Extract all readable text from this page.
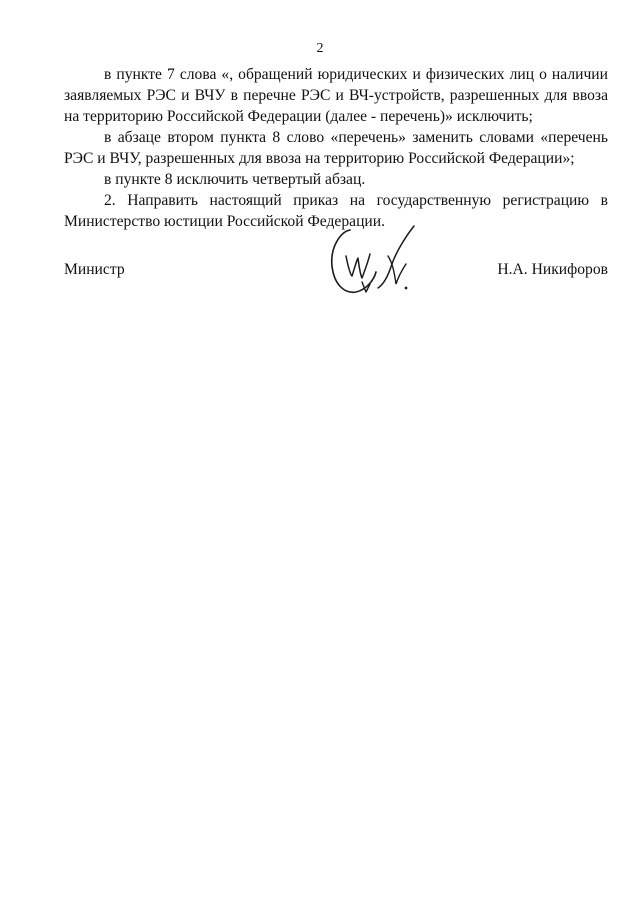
2

в пункте 7 слова «, обращений юридических и физических лиц о наличии заявляемых РЭС и ВЧУ в перечне РЭС и ВЧ-устройств, разрешенных для ввоза на территорию Российской Федерации (далее - перечень)» исключить;

в абзаце втором пункта 8 слово «перечень» заменить словами «перечень РЭС и ВЧУ, разрешенных для ввоза на территорию Российской Федерации»;

в пункте 8 исключить четвертый абзац.

2. Направить настоящий приказ на государственную регистрацию в Министерство юстиции Российской Федерации.

Министр	Н.А. Никифоров
